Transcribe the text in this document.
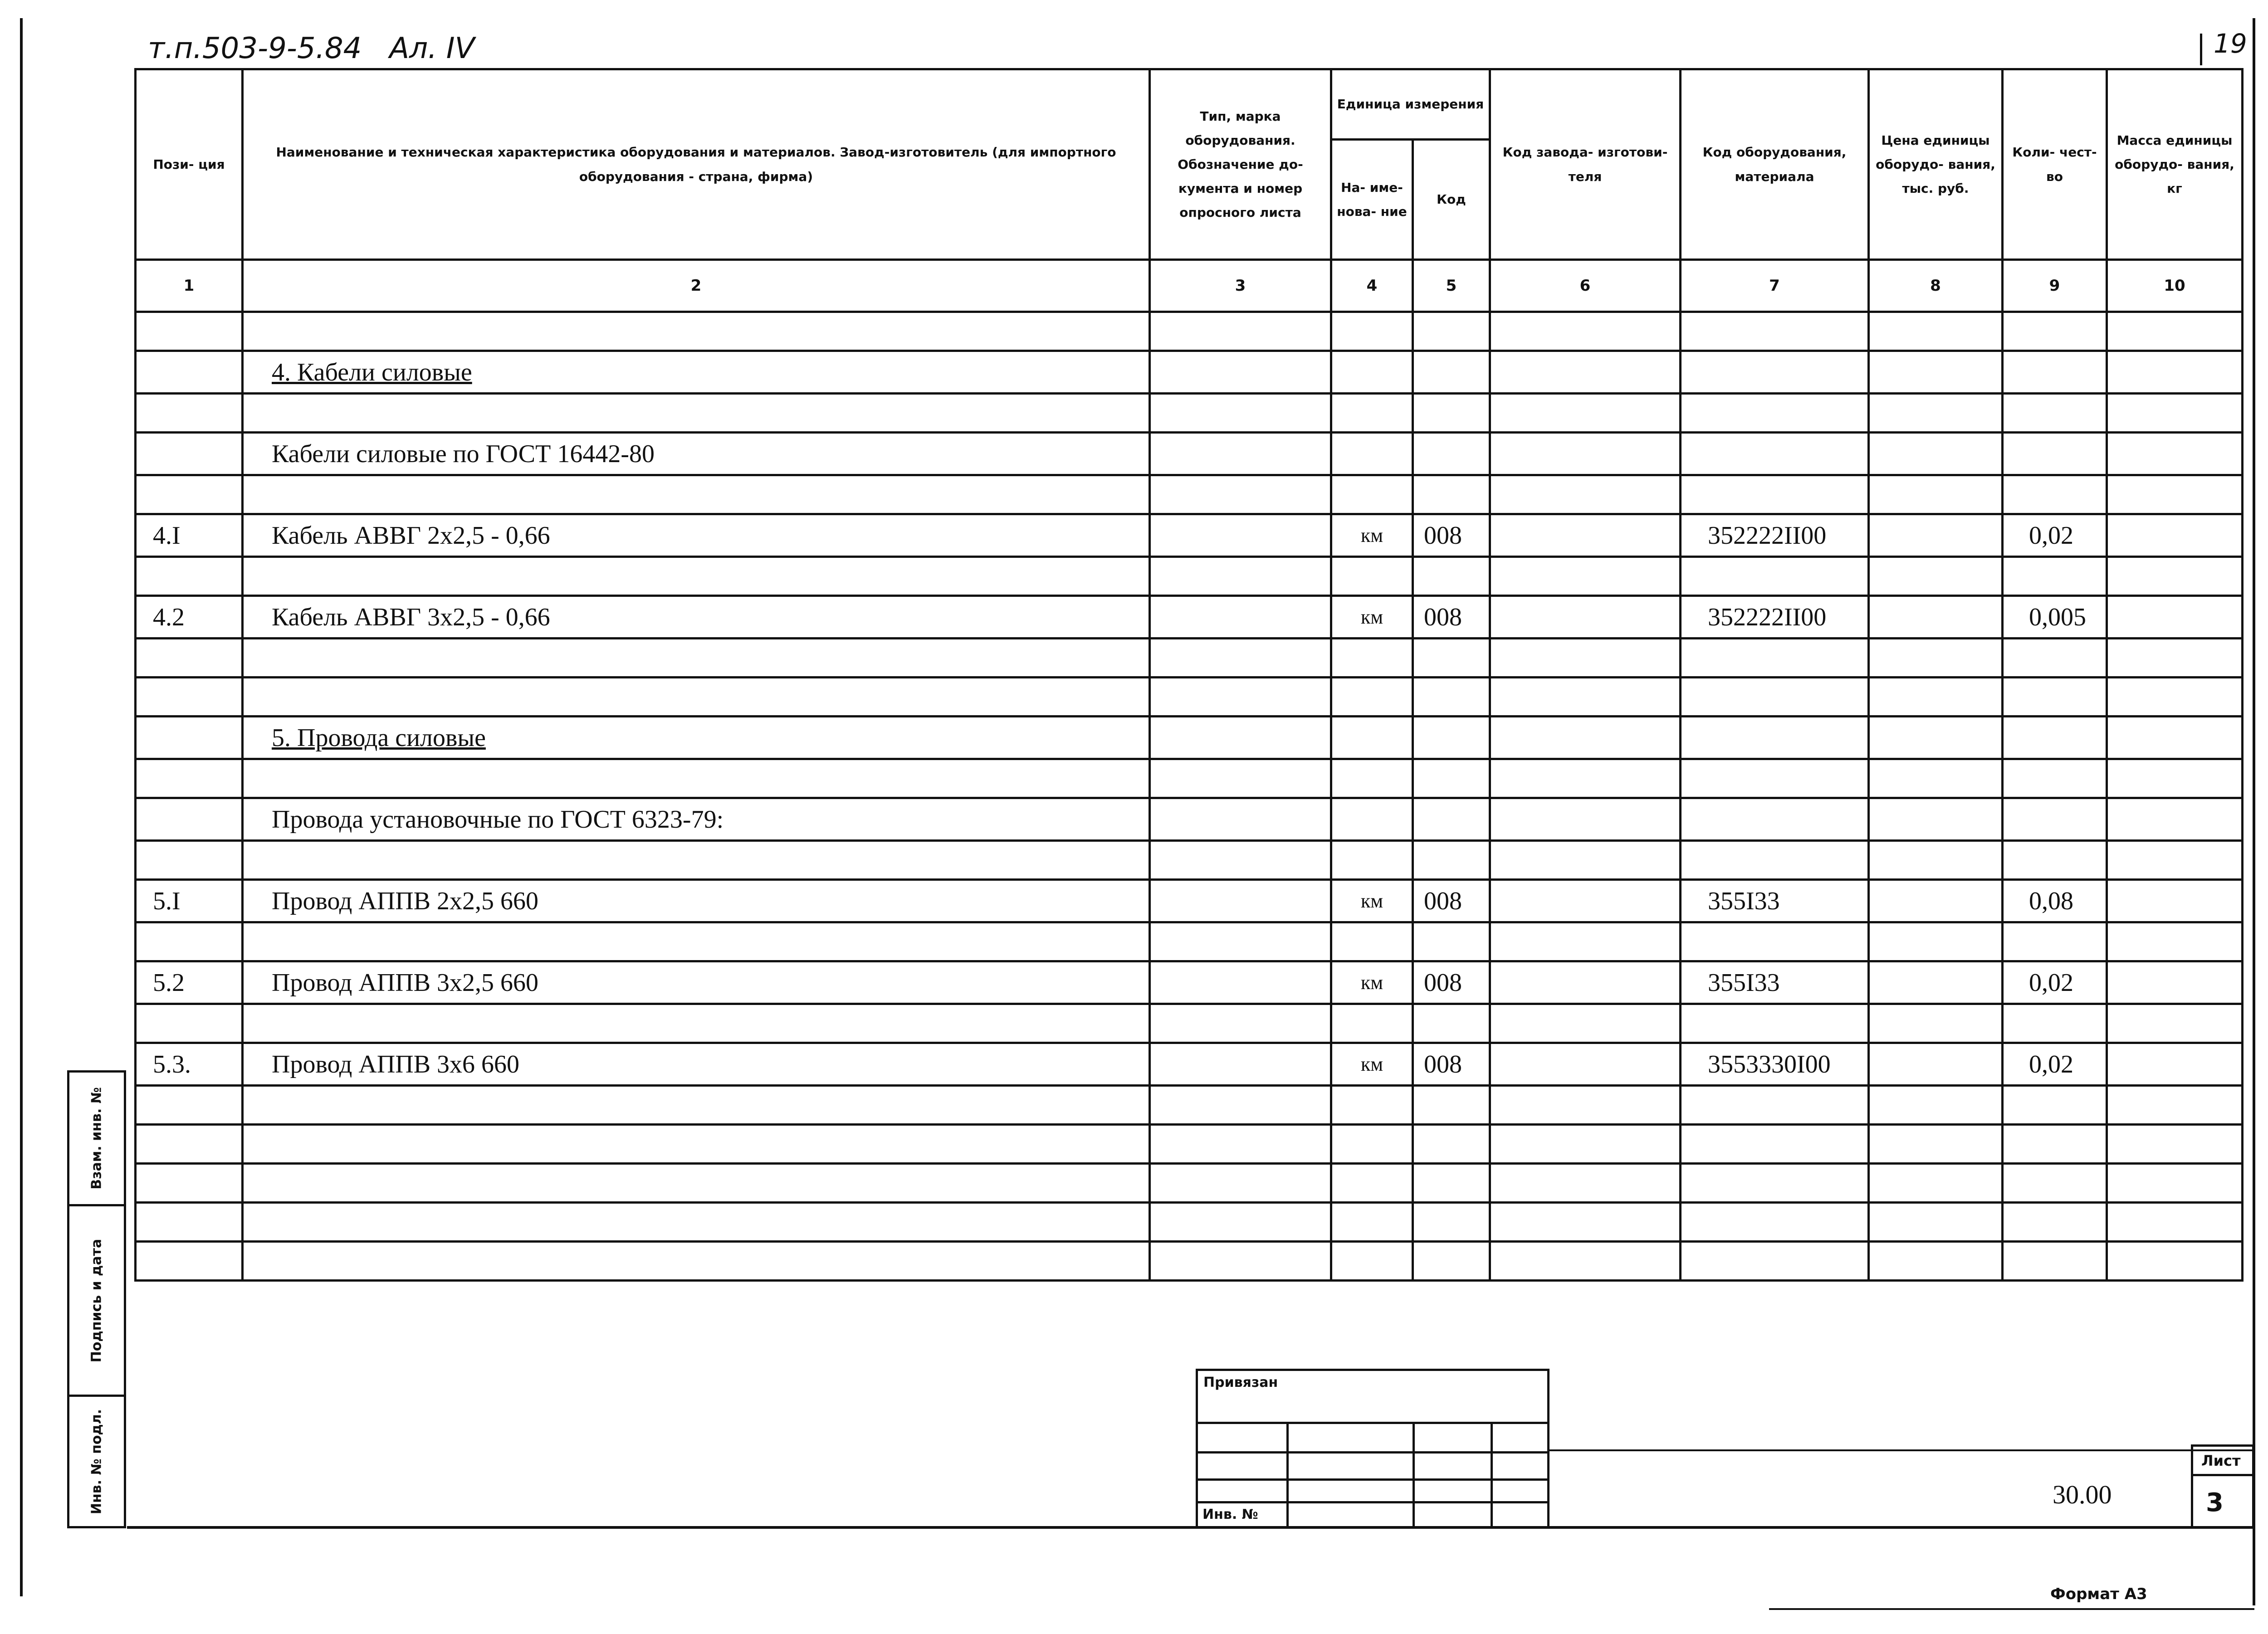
т.п.503-9-5.84 Ал. IV	19
Пози- ция	Наименование и техническая характеристика оборудования и материалов. Завод-изготовитель (для импортного оборудования - страна, фирма)	Тип, марка оборудования. Обозначение до- кумента и номер опросного листа	Единица измерения		Код завода- изготови- теля	Код оборудования, материала	Цена единицы оборудо- вания, тыс. руб.	Коли- чест- во	Масса единицы оборудо- вания, кг
			На- име- нова- ние	Код					
1	2	3	4	5	6	7	8	9	10

	4. Кабели силовые								

	Кабели силовые по ГОСТ 16442-80								

4.I	Кабель АВВГ 2х2,5 - 0,66		км	008		352222II00		0,02	

4.2	Кабель АВВГ 3х2,5 - 0,66		км	008		352222II00		0,005	

	5. Провода силовые								

	Провода установочные по ГОСТ 6323-79:								

5.I	Провод АППВ 2х2,5 660		км	008		355I33		0,08	

5.2	Провод АППВ 3х2,5 660		км	008		355I33		0,02	

5.3.	Провод АППВ 3х6 660		км	008		3553330I00		0,02	

Взам. инв. №
Подпись и дата
Инв. № подл.
Привязан
Инв. №
30.00
Лист
3
Формат А3
